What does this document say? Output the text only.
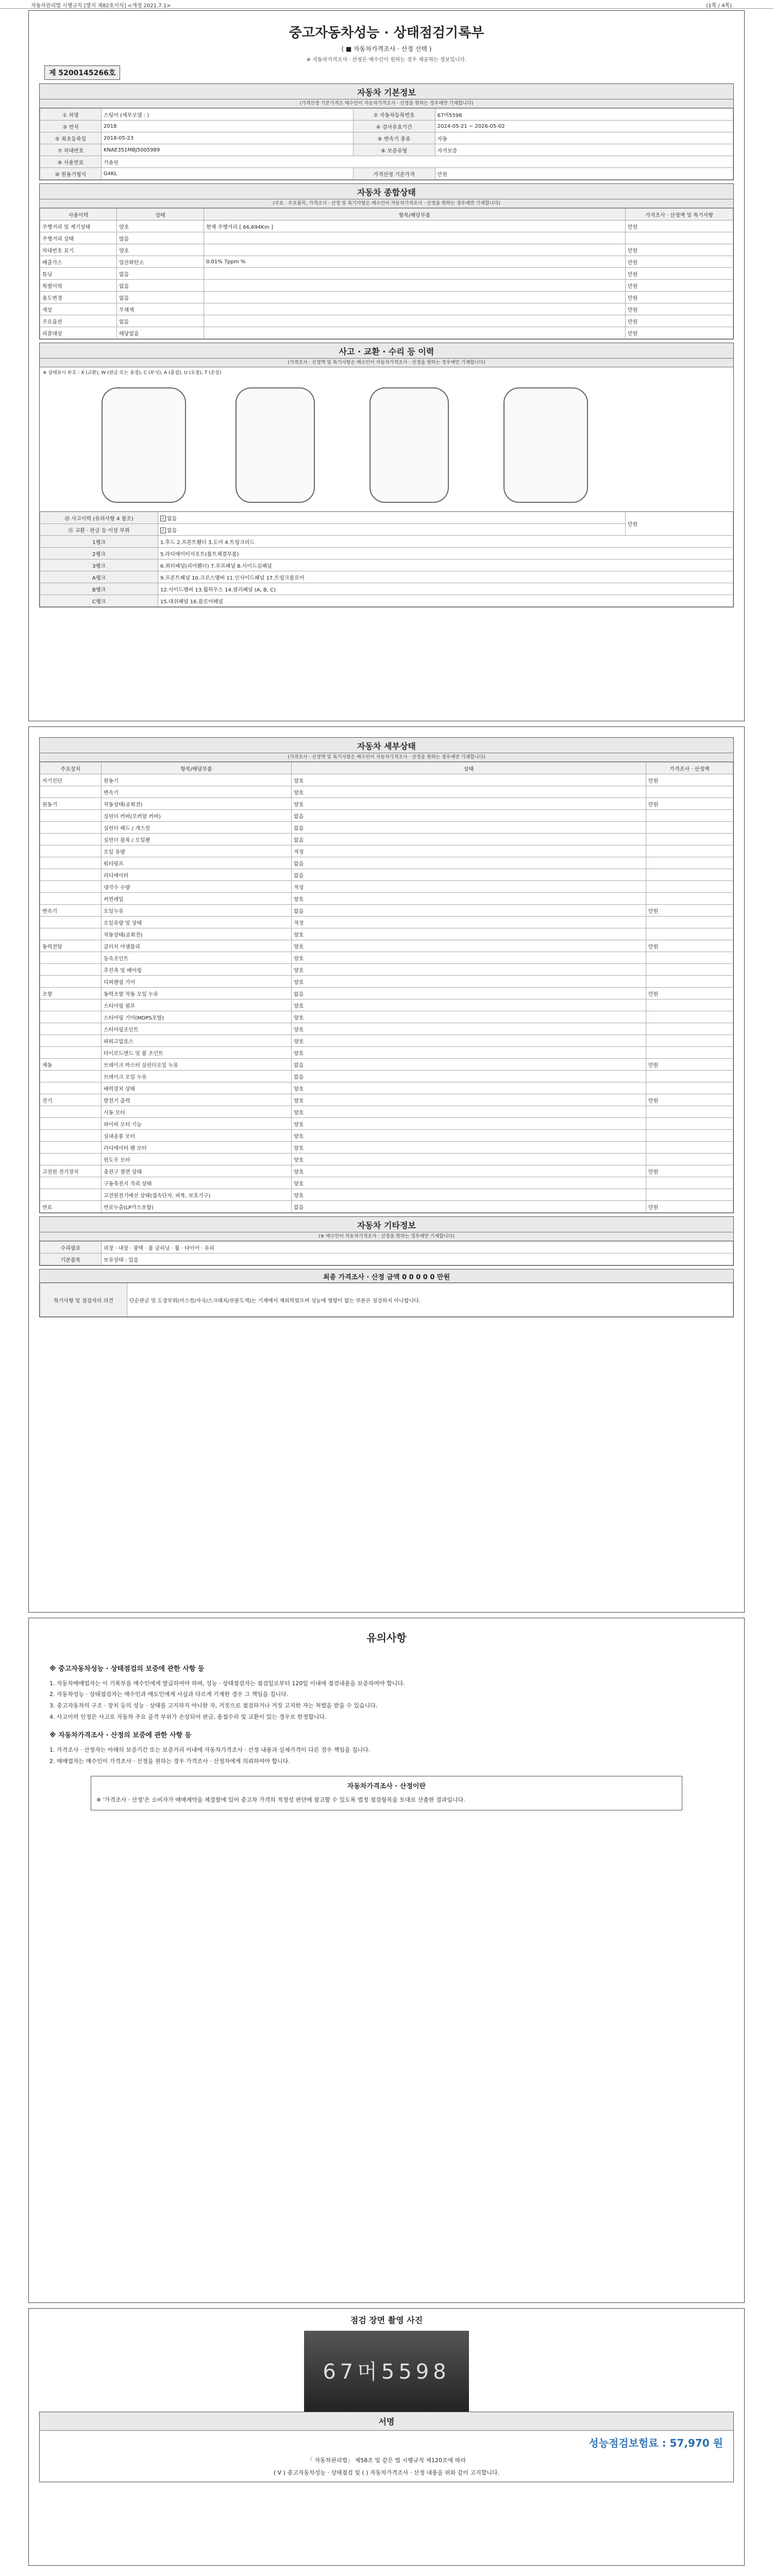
자동차관리법 시행규칙 [별지 제82호서식] <개정 2021.7.1>	(1쪽 / 4쪽)
중고자동차성능 · 상태점검기록부
( ■ 자동차가격조사 · 산정 선택 )
※ 자동차가격조사 · 산정은 매수인이 원하는 경우 제공하는 정보입니다.
제 5200145266호
자동차 기본정보
(가격산정 기준가격은 매수인이 자동차가격조사 · 산정을 원하는 경우에만 기재합니다)
① 차명	스팅어 (세부모델 : )	② 자동차등록번호	67머5598
③ 연식	2018	④ 검사유효기간	2024-05-21 ~ 2026-05-02
⑤ 최초등록일	2018-05-23	⑥ 변속기 종류	자동
⑦ 차대번호	KNAE351MBJ5005989	⑧ 보증유형	자가보증
⑨ 사용연료	가솔린		
⑩ 원동기형식	G4KL	가격산정 기준가격	만원
자동차 종합상태
(주요 · 주요품목, 가격조사 · 산정 및 특기사항은 매수인이 자동차가격조사 · 산정을 원하는 경우에만 기재합니다)
사용이력	상태	항목/해당부품	가격조사 · 산정액 및 특기사항
주행거리 및 계기상태	양호	현재 주행거리 [ 66,694Km ]	만원
주행거리 상태	많음		
차대번호 표기	양호		만원
배출가스	일산화탄소	0.01% 7ppm %	만원
튜닝	없음		만원
특별이력	없음		만원
용도변경	없음		만원
색상	무채색		만원
주요옵션	없음		만원
리콜대상	해당없음		만원
사고 · 교환 · 수리 등 이력
(가격조사 · 산정액 및 특기사항은 매수인이 자동차가격조사 · 산정을 원하는 경우에만 기재합니다)
※ 상태표시 부호 : X (교환), W (판금 또는 용접), C (부식), A (흠집), U (요철), T (손상)
⑳ 사고이력 (유의사항 4 참조)	✓ 없음	만원
㉑ 교환 · 판금 등 이상 부위	✓ 없음	
1랭크	1.후드 2.프론트휀더 3.도어 4.트렁크리드	
2랭크	5.라디에이터서포트(볼트체결부품)	
3랭크	6.쿼터패널(리어휀더) 7.루프패널 8.사이드실패널	
A랭크	9.프론트패널 10.크로스멤버 11.인사이드패널 17.트렁크플로어	
B랭크	12.사이드멤버 13.휠하우스 14.필러패널 (A, B, C)	
C랭크	15.대쉬패널 16.플로어패널	
자동차 세부상태
(가격조사 · 산정액 및 특기사항은 매수인이 자동차가격조사 · 산정을 원하는 경우에만 기재합니다)
주요장치	항목/해당부품	상태	가격조사 · 산정액
자기진단	원동기	양호	만원
	변속기	양호	
원동기	작동상태(공회전)	양호	만원
	실린더 커버(로커암 커버)	없음	
	실린더 헤드 / 개스킷	없음	
	실린더 블록 / 오일팬	없음	
	오일 유량	적정	
	워터펌프	없음	
	라디에이터	없음	
	냉각수 수량	적정	
	커먼레일	양호	
변속기	오일누유	없음	만원
	오일유량 및 상태	적정	
	작동상태(공회전)	양호	
동력전달	클러치 어셈블리	양호	만원
	등속조인트	양호	
	추진축 및 베어링	양호	
	디퍼렌셜 기어	양호	
조향	동력조향 작동 오일 누유	없음	만원
	스티어링 펌프	양호	
	스티어링 기어(MDPS포함)	양호	
	스티어링조인트	양호	
	파워고압호스	양호	
	타이로드엔드 및 볼 조인트	양호	
제동	브레이크 마스터 실린더오일 누유	없음	만원
	브레이크 오일 누유	없음	
	배력장치 상태	양호	
전기	발전기 출력	양호	만원
	시동 모터	양호	
	와이퍼 모터 기능	양호	
	실내송풍 모터	양호	
	라디에이터 팬 모터	양호	
	윈도우 모터	양호	
고전원 전기장치	충전구 절연 상태	양호	만원
	구동축전지 격리 상태	양호	
	고전원전기배선 상태(접속단자, 피복, 보호기구)	양호	
연료	연료누출(LP가스포함)	없음	만원
자동차 기타정보
(※ 매수인이 자동차가격조사 · 산정을 원하는 경우에만 기재합니다)
수리필요	외장 · 내장 · 광택 · 룸 클리닝 · 휠 · 타이어 · 유리
기본품목	보유상태 : 있음
최종 가격조사 · 산정 금액 0 0 0 0 0 만원
특기사항 및 점검자의 의견	단순판금 및 도장부위(미스컷/자국/스크래치/부분도색)는 기재에서 제외하였으며 성능에 영향이 없는 부분은 점검하지 아니합니다.
유의사항
※ 중고자동차성능 · 상태점검의 보증에 관한 사항 등

1. 자동차매매업자는 이 기록부를 매수인에게 발급하여야 하며, 성능 · 상태점검자는 점검일로부터 120일 이내에 점검내용을 보증하여야 합니다.

2. 자동차성능 · 상태점검자는 매수인과 매도인에게 사실과 다르게 기재한 경우 그 책임을 집니다.

3. 중고자동차의 구조 · 장치 등의 성능 · 상태를 고지하지 아니한 자, 거짓으로 점검하거나 거짓 고지한 자는 처벌을 받을 수 있습니다.

4. 사고이력 인정은 사고로 자동차 주요 골격 부위가 손상되어 판금, 용접수리 및 교환이 있는 경우로 한정합니다.

※ 자동차가격조사 · 산정의 보증에 관한 사항 등

1. 가격조사 · 산정자는 아래의 보증기간 또는 보증거리 이내에 자동차가격조사 · 산정 내용과 실제가격이 다른 경우 책임을 집니다.

2. 매매업자는 매수인이 가격조사 · 산정을 원하는 경우 가격조사 · 산정자에게 의뢰하여야 합니다.

자동차가격조사 · 산정이란
※ '가격조사 · 산정'은 소비자가 매매계약을 체결함에 있어 중고차 가격의 적정성 판단에 참고할 수 있도록 법정 점검항목을 토대로 산출한 결과입니다.
점검 장면 촬영 사진
67머5598
서명
성능점검보험료 : 57,970 원
「 자동차관리법」 제58조 및 같은 법 시행규칙 제120조에 따라
( V ) 중고자동차성능 · 상태점검 및 ( ) 자동차가격조사 · 산정 내용을 위와 같이 고지합니다.
